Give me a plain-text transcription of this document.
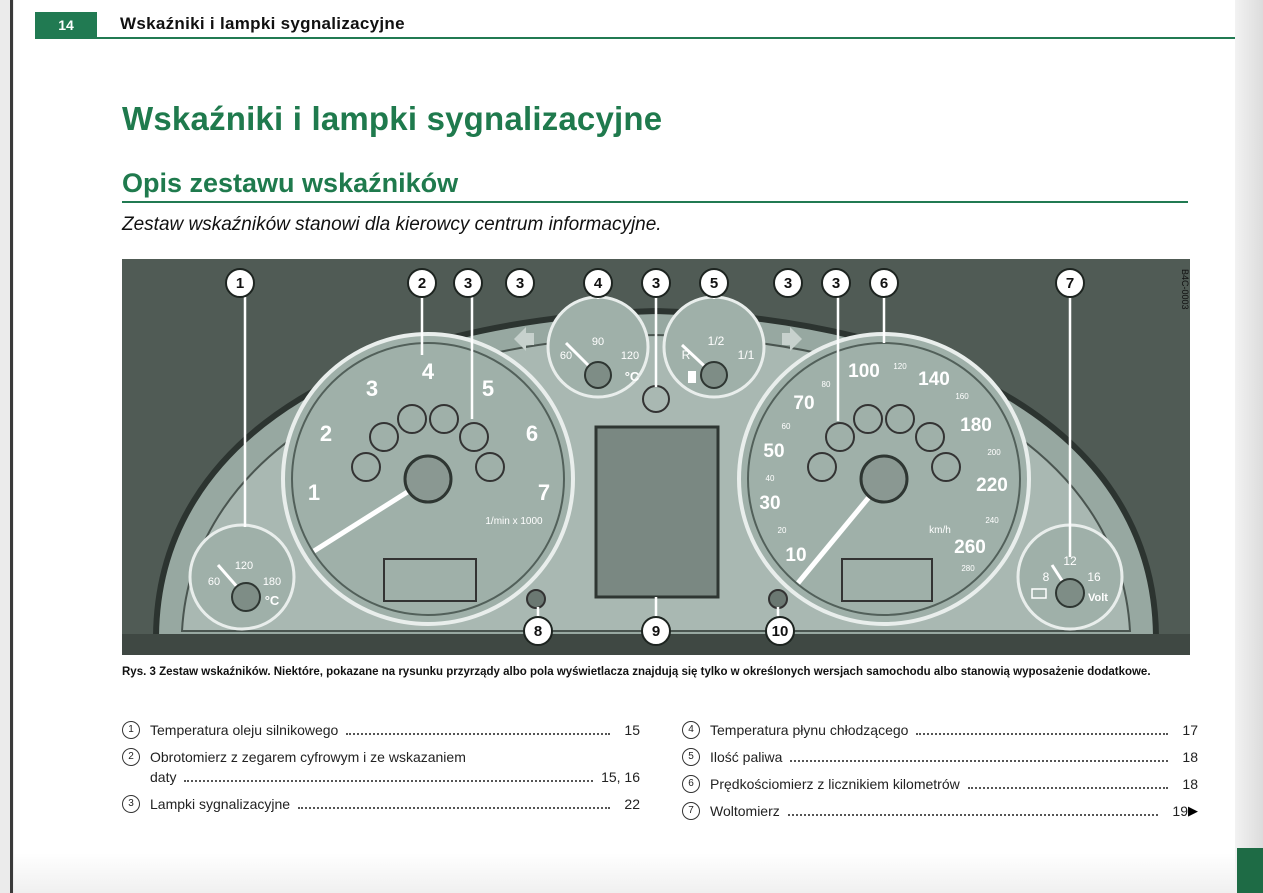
14	Wskaźniki i lampki sygnalizacyjne
Wskaźniki i lampki sygnalizacyjne
Opis zestawu wskaźników
Zestaw wskaźników stanowi dla kierowcy centrum informacyjne.
B4C-0003
1
2
3
4
5
6
7
1/min x 1000
10
30
50
70
100 140
180
220
260
20
40
60
80
120
160
200
240
280
km/h
60
90
120
°C
R
1/2
1/1
60
120
180
°C
8
12
16
Volt
1	2	3	3	4	3	5	3	3	6	7
8	9	10
Rys. 3 Zestaw wskaźników. Niektóre, pokazane na rysunku przyrządy albo pola wyświetlacza znajdują się tylko w określonych wersjach samochodu albo stanowią wyposażenie dodatkowe.
1	Temperatura oleju silnikowego	15
2	Obrotomierz z zegarem cyfrowym i ze wskazaniem
daty	15, 16
3	Lampki sygnalizacyjne	22
4	Temperatura płynu chłodzącego	17
5	Ilość paliwa	18
6	Prędkościomierz z licznikiem kilometrów	18
7	Woltomierz	19 ▶
